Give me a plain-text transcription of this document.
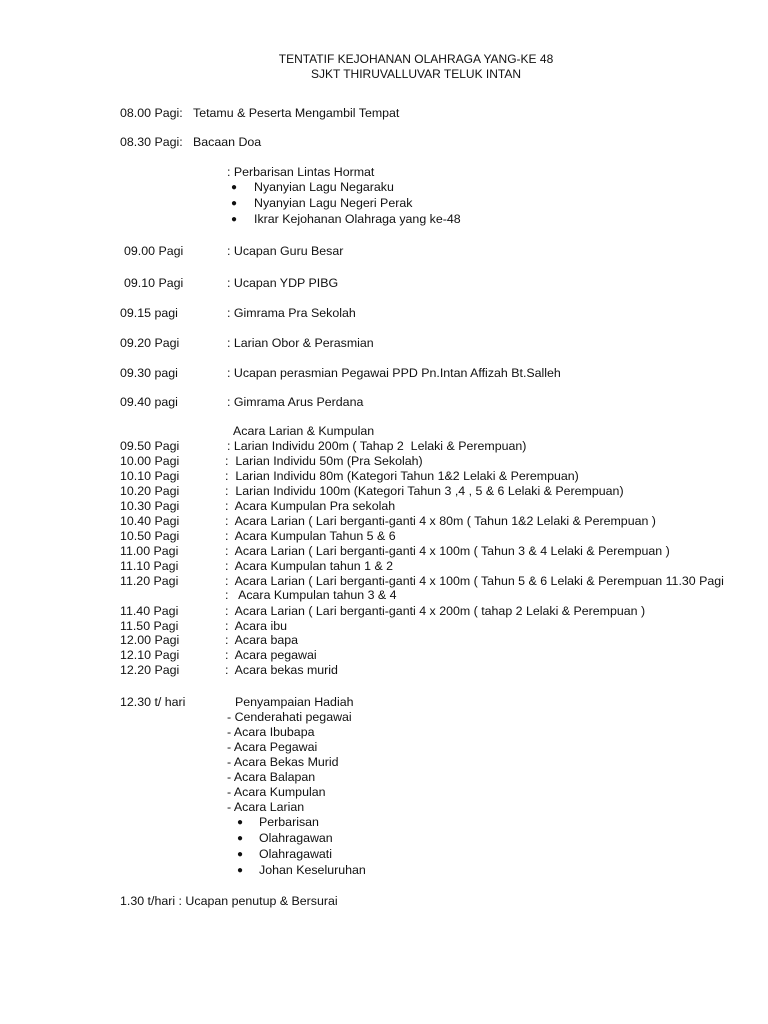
TENTATIF KEJOHANAN OLAHRAGA YANG-KE 48
SJKT THIRUVALLUVAR TELUK INTAN
08.00 Pagi: Tetamu & Peserta Mengambil Tempat
08.30 Pagi: Bacaan Doa
: Perbarisan Lintas Hormat
● Nyanyian Lagu Negaraku
● Nyanyian Lagu Negeri Perak
● Ikrar Kejohanan Olahraga yang ke-48
09.00 Pagi	: Ucapan Guru Besar
09.10 Pagi	: Ucapan YDP PIBG
09.15 pagi	: Gimrama Pra Sekolah
09.20 Pagi	: Larian Obor & Perasmian
09.30 pagi	: Ucapan perasmian Pegawai PPD Pn.Intan Affizah Bt.Salleh
09.40 pagi	: Gimrama Arus Perdana
Acara Larian & Kumpulan
09.50 Pagi	: Larian Individu 200m ( Tahap 2  Lelaki & Perempuan)
10.00 Pagi	:  Larian Individu 50m (Pra Sekolah)
10.10 Pagi	:  Larian Individu 80m (Kategori Tahun 1&2 Lelaki & Perempuan)
10.20 Pagi	:  Larian Individu 100m (Kategori Tahun 3 ,4 , 5 & 6 Lelaki & Perempuan)
10.30 Pagi	:  Acara Kumpulan Pra sekolah
10.40 Pagi	:  Acara Larian ( Lari berganti-ganti 4 x 80m ( Tahun 1&2 Lelaki & Perempuan )
10.50 Pagi	:  Acara Kumpulan Tahun 5 & 6
11.00 Pagi	:  Acara Larian ( Lari berganti-ganti 4 x 100m ( Tahun 3 & 4 Lelaki & Perempuan )
11.10 Pagi	:  Acara Kumpulan tahun 1 & 2
11.20 Pagi	:  Acara Larian ( Lari berganti-ganti 4 x 100m ( Tahun 5 & 6 Lelaki & Perempuan 11.30 Pagi
:   Acara Kumpulan tahun 3 & 4
11.40 Pagi	:  Acara Larian ( Lari berganti-ganti 4 x 200m ( tahap 2 Lelaki & Perempuan )
11.50 Pagi	:  Acara ibu
12.00 Pagi	:  Acara bapa
12.10 Pagi	:  Acara pegawai
12.20 Pagi	:  Acara bekas murid
12.30 t/ hari	Penyampaian Hadiah
- Cenderahati pegawai
- Acara Ibubapa
- Acara Pegawai
- Acara Bekas Murid
- Acara Balapan
- Acara Kumpulan
- Acara Larian
● Perbarisan
● Olahragawan
● Olahragawati
● Johan Keseluruhan
1.30 t/hari : Ucapan penutup & Bersurai
